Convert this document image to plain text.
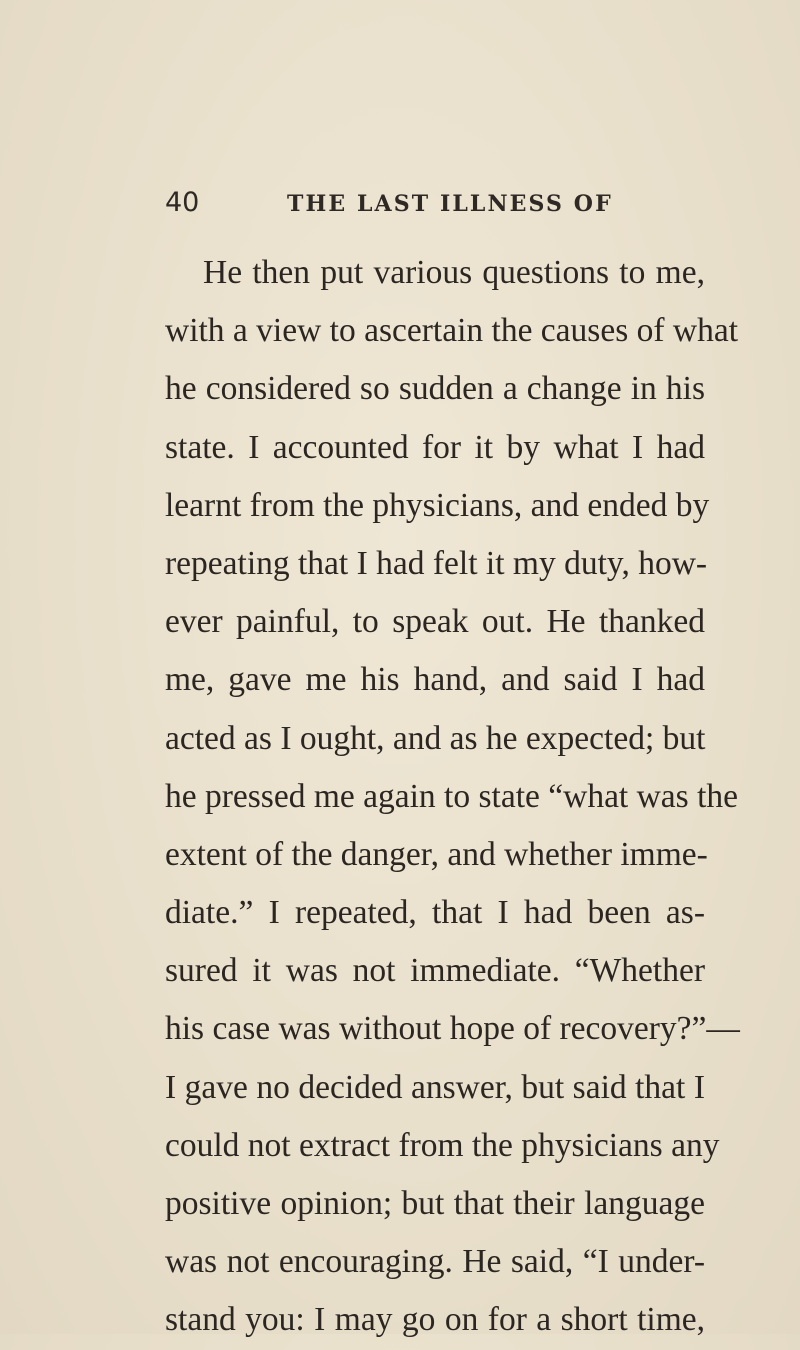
40	THE LAST ILLNESS OF
He then put various questions to me,
with a view to ascertain the causes of what
he considered so sudden a change in his
state. I accounted for it by what I had
learnt from the physicians, and ended by
repeating that I had felt it my duty, how-
ever painful, to speak out. He thanked
me, gave me his hand, and said I had
acted as I ought, and as he expected; but
he pressed me again to state “what was the
extent of the danger, and whether imme-
diate.” I repeated, that I had been as-
sured it was not immediate. “Whether
his case was without hope of recovery?”—
I gave no decided answer, but said that I
could not extract from the physicians any
positive opinion; but that their language
was not encouraging. He said, “I under-
stand you: I may go on for a short time,
